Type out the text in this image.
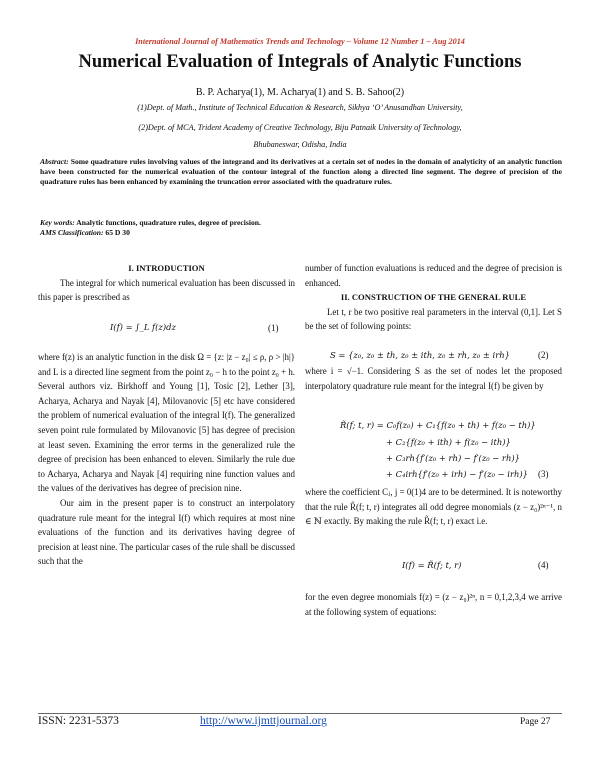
International Journal of Mathematics Trends and Technology – Volume 12 Number 1 – Aug 2014
Numerical Evaluation of Integrals of Analytic Functions
B. P. Acharya(1), M. Acharya(1) and S. B. Sahoo(2)
(1)Dept. of Math., Institute of Technical Education & Research, Sikhya ‘O’ Anusandhan University,
(2)Dept. of MCA, Trident Academy of Creative Technology, Biju Patnaik University of Technology,
Bhubaneswar, Odisha, India
Abstract: Some quadrature rules involving values of the integrand and its derivatives at a certain set of nodes in the domain of analyticity of an analytic function have been constructed for the numerical evaluation of the contour integral of the function along a directed line segment. The degree of precision of the quadrature rules has been enhanced by examining the truncation error associated with the quadrature rules.
Key words: Analytic functions, quadrature rules, degree of precision.
AMS Classification: 65 D 30

I. INTRODUCTION

The integral for which numerical evaluation has been discussed in this paper is prescribed as

I(f) = ∫_L f(z)dz	(1)

where f(z) is an analytic function in the disk Ω = {z: |z − z₀| ≤ ρ, ρ > |h|} and L is a directed line segment from the point z₀ − h to the point z₀ + h. Several authors viz. Birkhoff and Young [1], Tosic [2], Lether [3], Acharya, Acharya and Nayak [4], Milovanovic [5] etc have considered the problem of numerical evaluation of the integral I(f). The generalized seven point rule formulated by Milovanovic [5] has degree of precision at least seven. Examining the error terms in the generalized rule the degree of precision has been enhanced to eleven. Similarly the rule due to Acharya, Acharya and Nayak [4] requiring nine function values and the values of the derivatives has degree of precision nine.

Our aim in the present paper is to construct an interpolatory quadrature rule meant for the integral I(f) which requires at most nine evaluations of the function and its derivatives having degree of precision at least nine. The particular cases of the rule shall be discussed such that the

number of function evaluations is reduced and the degree of precision is enhanced.

II. CONSTRUCTION OF THE GENERAL RULE

Let t, r be two positive real parameters in the interval (0,1]. Let S be the set of following points:

S = {z₀, z₀ ± th, z₀ ± ith, z₀ ± rh, z₀ ± irh}	(2)

where i = √−1. Considering S as the set of nodes let the proposed interpolatory quadrature rule meant for the integral I(f) be given by

R̃(f; t, r) = C₀f(z₀) + C₁{f(z₀ + th) + f(z₀ − th)}
+ C₂{f(z₀ + ith) + f(z₀ − ith)}
+ C₃rh{f′(z₀ + rh) − f′(z₀ − rh)}
+ C₄irh{f′(z₀ + irh) − f′(z₀ − irh)} (3)

where the coefficient Cⱼ, j = 0(1)4 are to be determined. It is noteworthy that the rule R̃(f; t, r) integrates all odd degree monomials (z − z₀)²ⁿ⁻¹, n ∈ ℕ exactly. By making the rule R̃(f; t, r) exact i.e.

I(f) = R̃(f; t, r)	(4)

for the even degree monomials f(z) = (z − z₀)²ⁿ, n = 0,1,2,3,4 we arrive at the following system of equations:

ISSN: 2231-5373	http://www.ijmttjournal.org	Page 27
